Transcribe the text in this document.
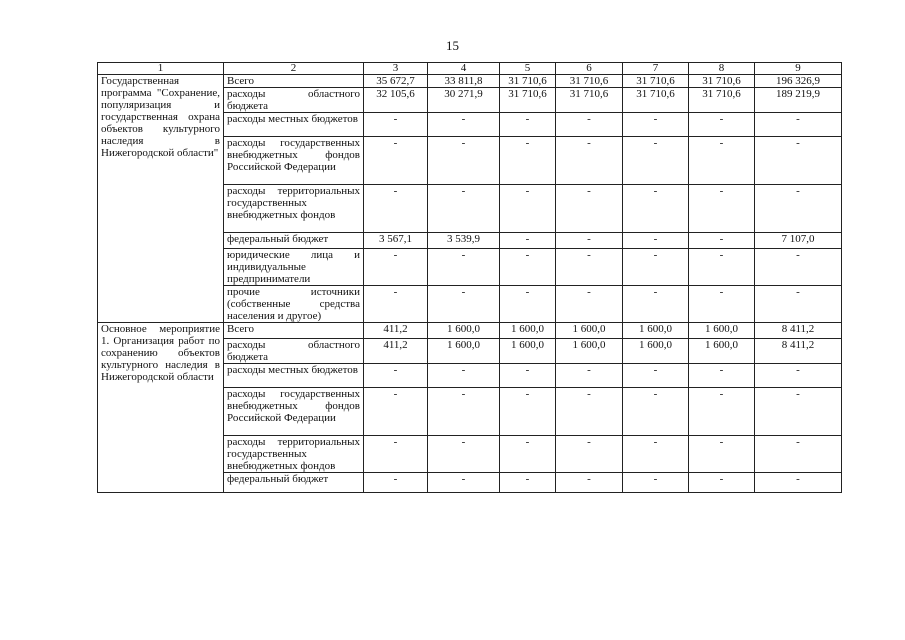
15
1	2	3	4	5	6	7	8	9
Государственная программа "Сохранение, популяризация и государственная охрана объектов культурного наследия в Нижегородской области"	Всего	35 672,7	33 811,8	31 710,6	31 710,6	31 710,6	31 710,6	196 326,9
	расходы областного бюджета	32 105,6	30 271,9	31 710,6	31 710,6	31 710,6	31 710,6	189 219,9
	расходы местных бюджетов	-	-	-	-	-	-	-
	расходы государственных внебюджетных фондов Российской Федерации	-	-	-	-	-	-	-
	расходы территориальных государственных внебюджетных фондов	-	-	-	-	-	-	-
	федеральный бюджет	3 567,1	3 539,9	-	-	-	-	7 107,0
	юридические лица и индивидуальные предприниматели	-	-	-	-	-	-	-
	прочие источники (собственные средства населения и другое)	-	-	-	-	-	-	-
Основное мероприятие 1. Организация работ по сохранению объектов культурного наследия в Нижегородской области	Всего	411,2	1 600,0	1 600,0	1 600,0	1 600,0	1 600,0	8 411,2
	расходы областного бюджета	411,2	1 600,0	1 600,0	1 600,0	1 600,0	1 600,0	8 411,2
	расходы местных бюджетов	-	-	-	-	-	-	-
	расходы государственных внебюджетных фондов Российской Федерации	-	-	-	-	-	-	-
	расходы территориальных государственных внебюджетных фондов	-	-	-	-	-	-	-
	федеральный бюджет	-	-	-	-	-	-	-
